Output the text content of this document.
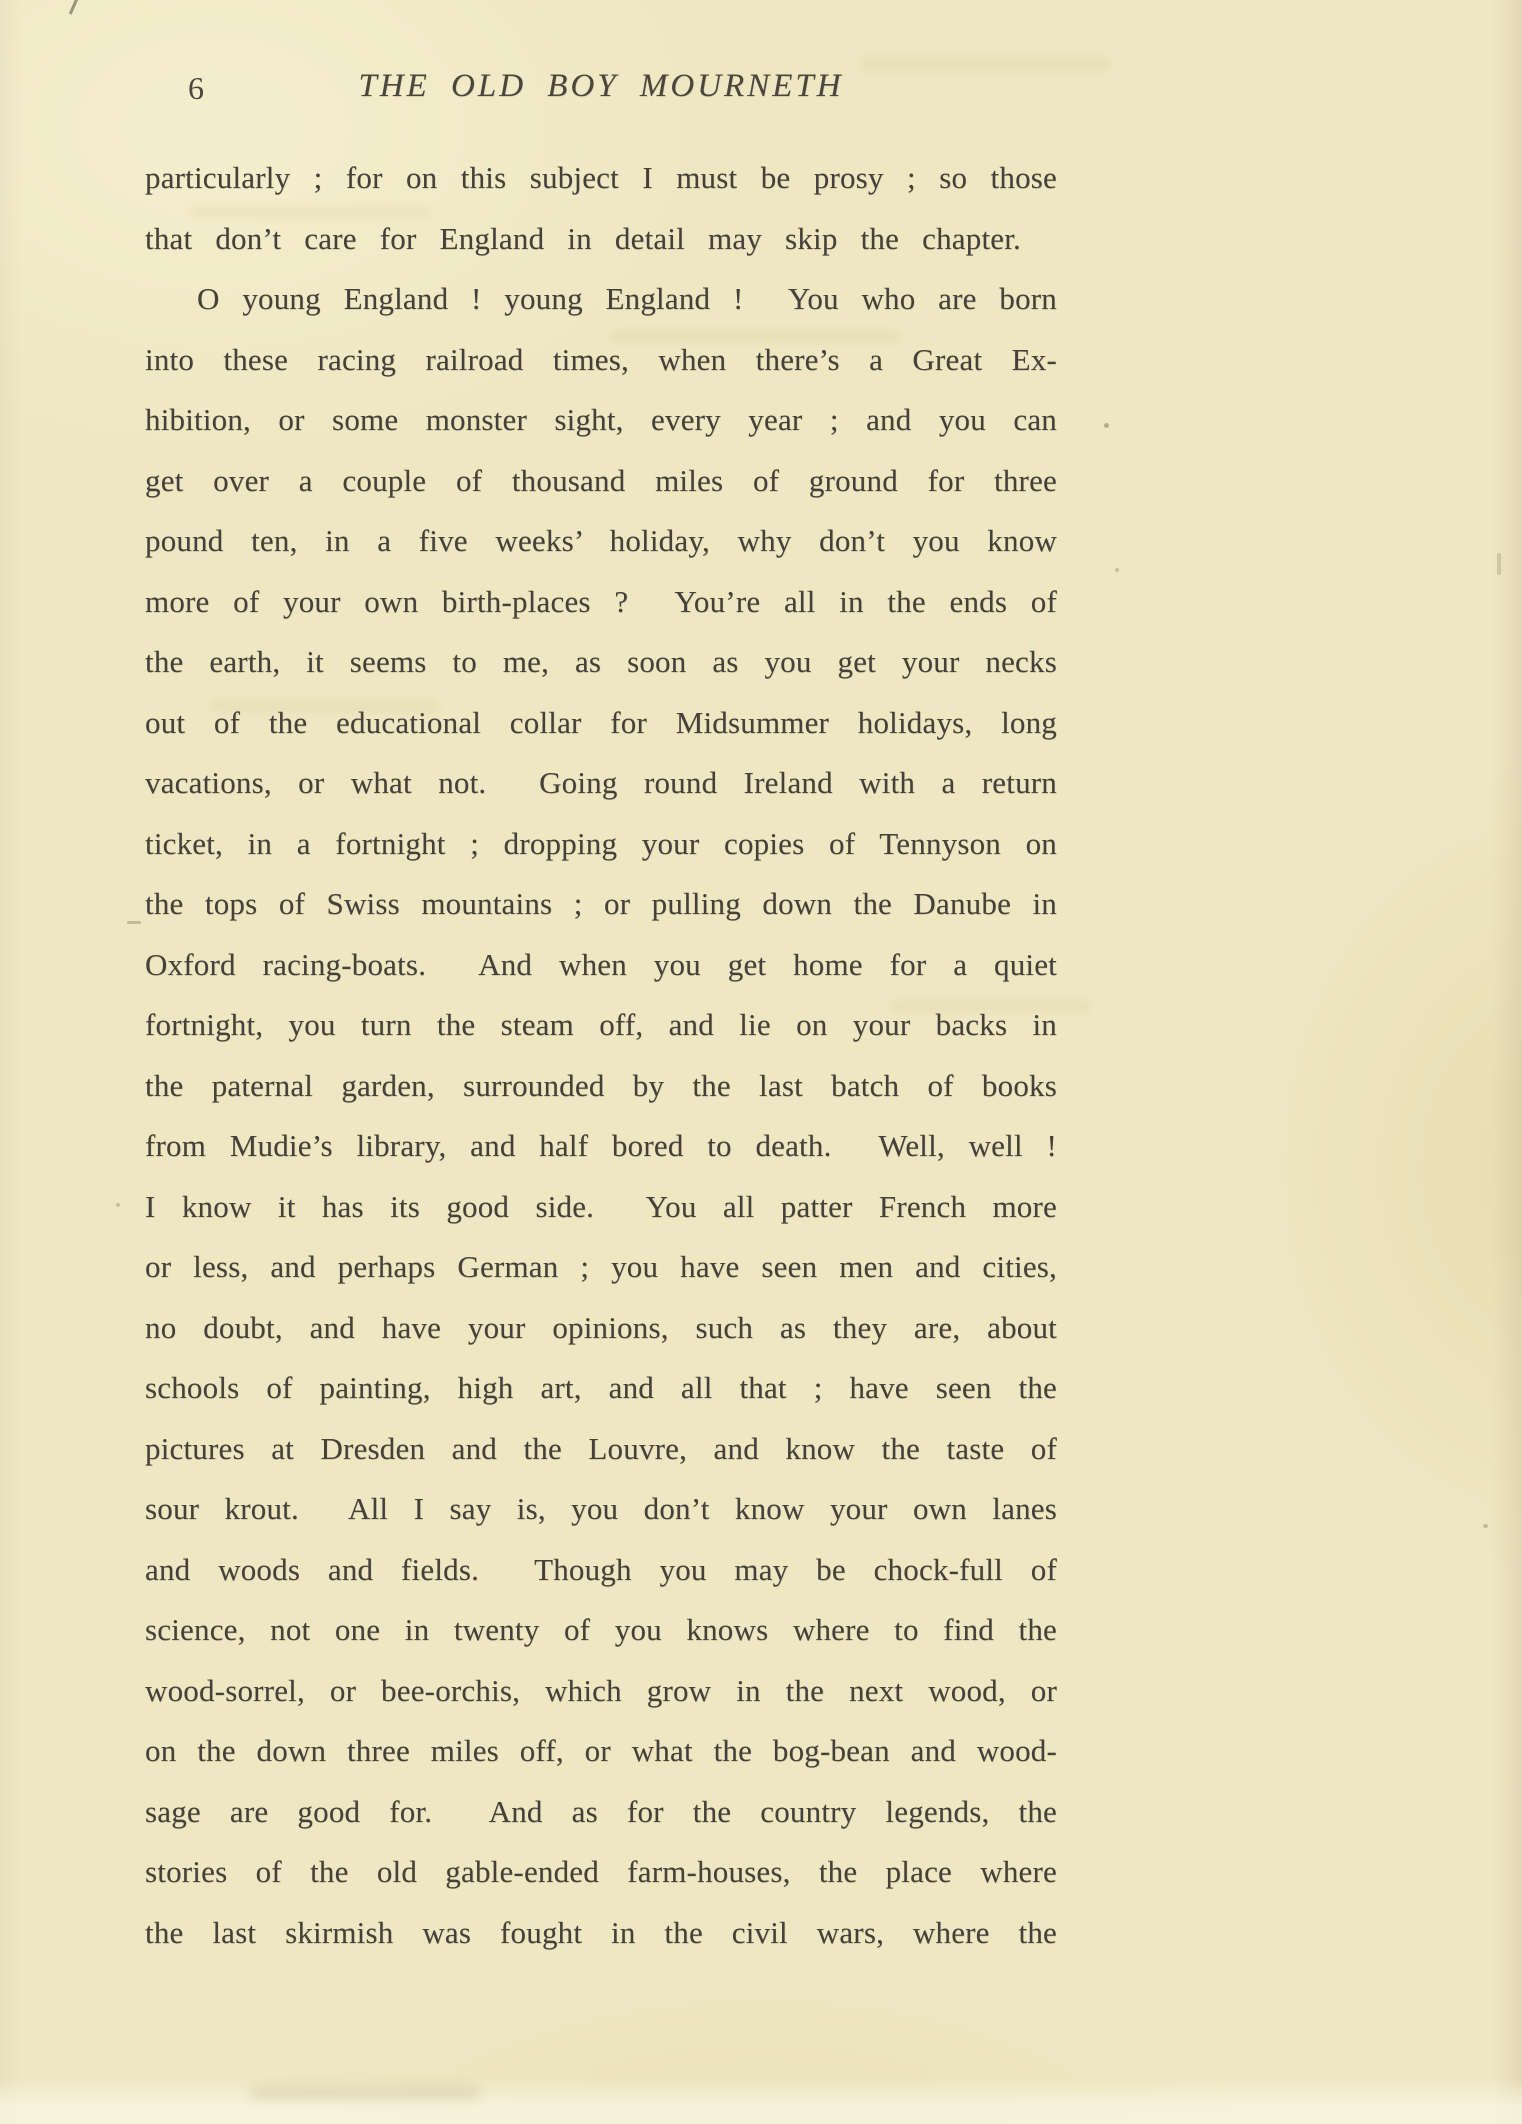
6	THE OLD BOY MOURNETH
particularly ; for on this subject I must be prosy ; so those
that don’t care for England in detail may skip the chapter.
O young England ! young England !  You who are born
into these racing railroad times, when there’s a Great Ex-
hibition, or some monster sight, every year ; and you can
get over a couple of thousand miles of ground for three
pound ten, in a five weeks’ holiday, why don’t you know
more of your own birth-places ?  You’re all in the ends of
the earth, it seems to me, as soon as you get your necks
out of the educational collar for Midsummer holidays, long
vacations, or what not.  Going round Ireland with a return
ticket, in a fortnight ; dropping your copies of Tennyson on
the tops of Swiss mountains ; or pulling down the Danube in
Oxford racing-boats.  And when you get home for a quiet
fortnight, you turn the steam off, and lie on your backs in
the paternal garden, surrounded by the last batch of books
from Mudie’s library, and half bored to death.  Well, well !
I know it has its good side.  You all patter French more
or less, and perhaps German ; you have seen men and cities,
no doubt, and have your opinions, such as they are, about
schools of painting, high art, and all that ; have seen the
pictures at Dresden and the Louvre, and know the taste of
sour krout.  All I say is, you don’t know your own lanes
and woods and fields.  Though you may be chock-full of
science, not one in twenty of you knows where to find the
wood-sorrel, or bee-orchis, which grow in the next wood, or
on the down three miles off, or what the bog-bean and wood-
sage are good for.  And as for the country legends, the
stories of the old gable-ended farm-houses, the place where
the last skirmish was fought in the civil wars, where the
